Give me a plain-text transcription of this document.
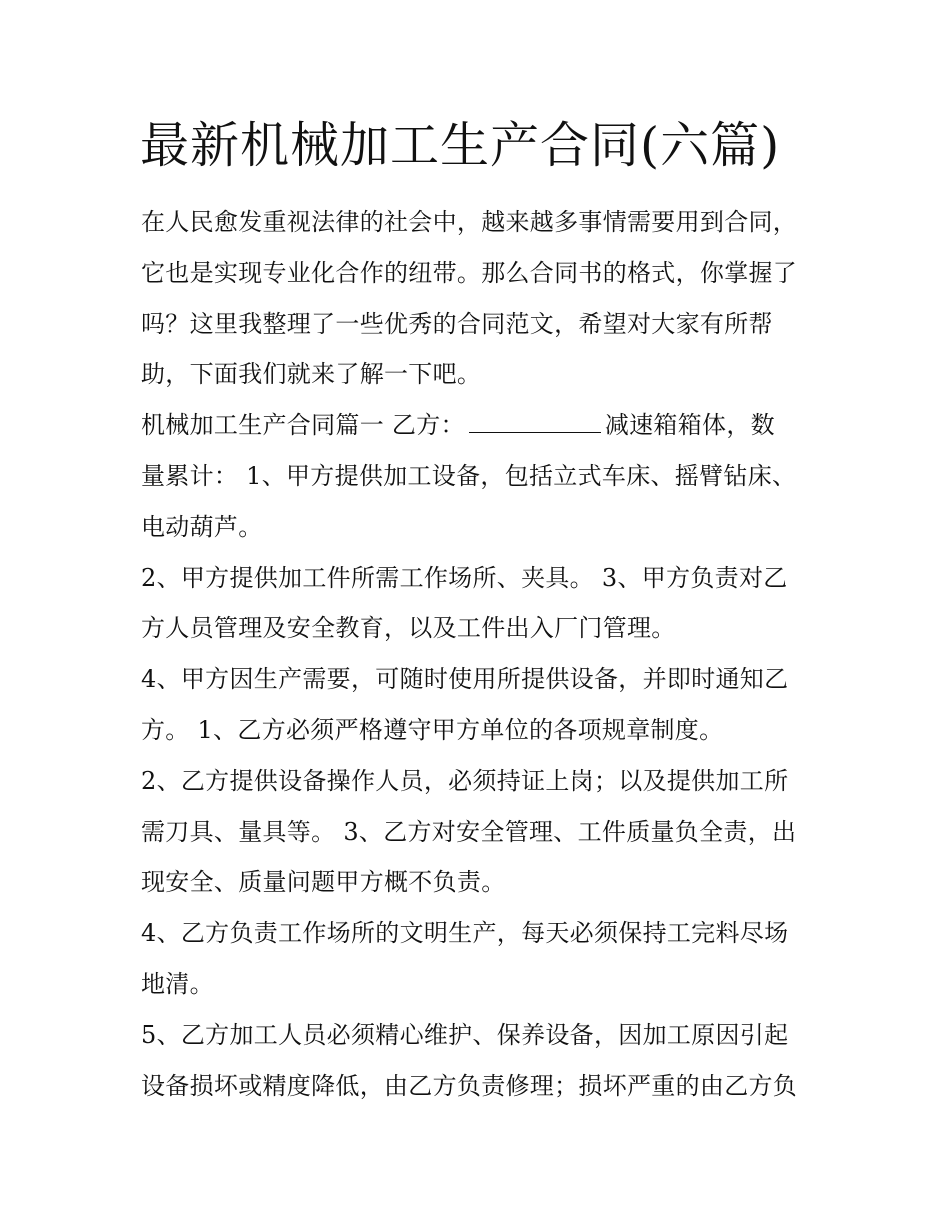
最新机械加工生产合同(六篇)
在人民愈发重视法律的社会中，越来越多事情需要用到合同，
它也是实现专业化合作的纽带。那么合同书的格式，你掌握了
吗？这里我整理了一些优秀的合同范文，希望对大家有所帮
助，下面我们就来了解一下吧。
机械加工生产合同篇一 乙方：	减速箱箱体，数
量累计： 1、甲方提供加工设备，包括立式车床、摇臂钻床、
电动葫芦。
2、甲方提供加工件所需工作场所、夹具。 3、甲方负责对乙
方人员管理及安全教育，以及工件出入厂门管理。
4、甲方因生产需要，可随时使用所提供设备，并即时通知乙
方。 1、乙方必须严格遵守甲方单位的各项规章制度。
2、乙方提供设备操作人员，必须持证上岗；以及提供加工所
需刀具、量具等。 3、乙方对安全管理、工件质量负全责，出
现安全、质量问题甲方概不负责。
4、乙方负责工作场所的文明生产，每天必须保持工完料尽场
地清。
5、乙方加工人员必须精心维护、保养设备，因加工原因引起
设备损坏或精度降低，由乙方负责修理；损坏严重的由乙方负
